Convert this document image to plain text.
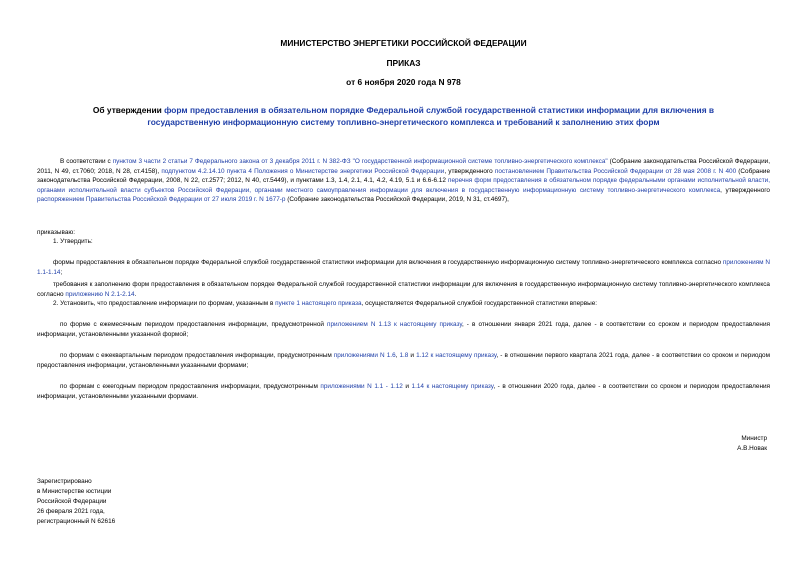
МИНИСТЕРСТВО ЭНЕРГЕТИКИ РОССИЙСКОЙ ФЕДЕРАЦИИ
ПРИКАЗ
от 6 ноября 2020 года N 978
Об утверждении форм предоставления в обязательном порядке Федеральной службой государственной статистики информации для включения в государственную информационную систему топливно-энергетического комплекса и требований к заполнению этих форм
В соответствии с пунктом 3 части 2 статьи 7 Федерального закона от 3 декабря 2011 г. N 382-ФЗ "О государственной информационной системе топливно-энергетического комплекса" (Собрание законодательства Российской Федерации, 2011, N 49, ст.7060; 2018, N 28, ст.4158), подпунктом 4.2.14.10 пункта 4 Положения о Министерстве энергетики Российской Федерации, утвержденного постановлением Правительства Российской Федерации от 28 мая 2008 г. N 400 (Собрание законодательства Российской Федерации, 2008, N 22, ст.2577; 2012, N 40, ст.5449), и пунктами 1.3, 1.4, 2.1, 4.1, 4.2, 4.19, 5.1 и 6.6-6.12 перечня форм предоставления в обязательном порядке федеральными органами исполнительной власти, органами исполнительной власти субъектов Российской Федерации, органами местного самоуправления информации для включения в государственную информационную систему топливно-энергетического комплекса, утвержденного распоряжением Правительства Российской Федерации от 27 июля 2019 г. N 1677-р (Собрание законодательства Российской Федерации, 2019, N 31, ст.4697),
приказываю:
1. Утвердить:
формы предоставления в обязательном порядке Федеральной службой государственной статистики информации для включения в государственную информационную систему топливно-энергетического комплекса согласно приложениям N 1.1-1.14;
требования к заполнению форм предоставления в обязательном порядке Федеральной службой государственной статистики информации для включения в государственную информационную систему топливно-энергетического комплекса согласно приложению N 2.1-2.14.
2. Установить, что предоставление информации по формам, указанным в пункте 1 настоящего приказа, осуществляется Федеральной службой государственной статистики впервые:
по форме с ежемесячным периодом предоставления информации, предусмотренной приложением N 1.13 к настоящему приказу, - в отношении января 2021 года, далее - в соответствии со сроком и периодом предоставления информации, установленными указанной формой;
по формам с ежеквартальным периодом предоставления информации, предусмотренным приложениями N 1.6, 1.8 и 1.12 к настоящему приказу, - в отношении первого квартала 2021 года, далее - в соответствии со сроком и периодом предоставления информации, установленными указанными формами;
по формам с ежегодным периодом предоставления информации, предусмотренным приложениями N 1.1 - 1.12 и 1.14 к настоящему приказу, - в отношении 2020 года, далее - в соответствии со сроком и периодом предоставления информации, установленными указанными формами.
Министр
А.В.Новак
Зарегистрировано
в Министерстве юстиции
Российской Федерации
26 февраля 2021 года,
регистрационный N 62616
